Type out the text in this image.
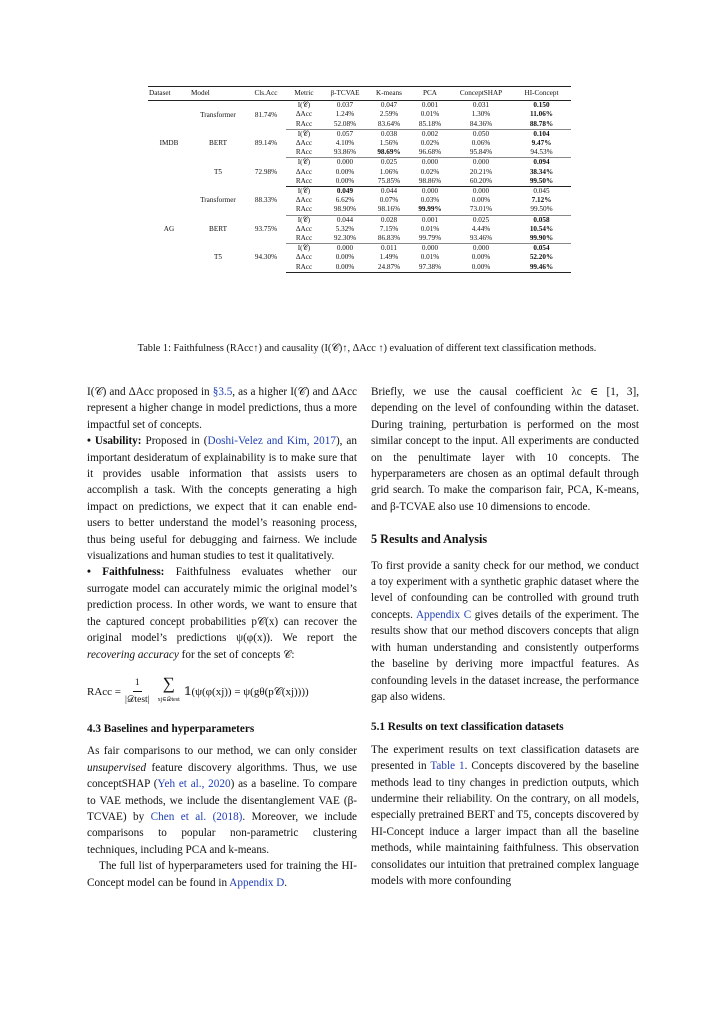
Dataset	Model	Cls.Acc	Metric	β-TCVAE	K-means	PCA	ConceptSHAP	HI-Concept
IMDB	Transformer	81.74%	I(𝒞)	0.037	0.047	0.001	0.031	0.150
			ΔAcc	1.24%	2.59%	0.01%	1.30%	11.06%
			RAcc	52.08%	83.64%	85.18%	84.36%	88.78%
	BERT	89.14%	I(𝒞)	0.057	0.038	0.002	0.050	0.104
			ΔAcc	4.10%	1.56%	0.02%	0.06%	9.47%
			RAcc	93.86%	98.69%	96.68%	95.84%	94.53%
	T5	72.98%	I(𝒞)	0.000	0.025	0.000	0.000	0.094
			ΔAcc	0.00%	1.06%	0.02%	20.21%	38.34%
			RAcc	0.00%	75.85%	98.86%	60.20%	99.50%
AG	Transformer	88.33%	I(𝒞)	0.049	0.044	0.000	0.000	0.045
			ΔAcc	6.62%	0.07%	0.03%	0.00%	7.12%
			RAcc	98.90%	98.16%	99.99%	73.01%	99.50%
	BERT	93.75%	I(𝒞)	0.044	0.028	0.001	0.025	0.058
			ΔAcc	5.32%	7.15%	0.01%	4.44%	10.54%
			RAcc	92.30%	86.83%	99.79%	93.46%	99.90%
	T5	94.30%	I(𝒞)	0.000	0.011	0.000	0.000	0.054
			ΔAcc	0.00%	1.49%	0.01%	0.00%	52.20%
			RAcc	0.00%	24.87%	97.38%	0.00%	99.46%
Table 1: Faithfulness (RAcc↑) and causality (I(𝒞)↑, ΔAcc ↑) evaluation of different text classification methods.

I(𝒞) and ΔAcc proposed in §3.5, as a higher I(𝒞) and ΔAcc represent a higher change in model predictions, thus a more impactful set of concepts.

• Usability: Proposed in (Doshi-Velez and Kim, 2017), an important desideratum of explainability is to make sure that it provides usable information that assists users to accomplish a task. With the concepts generating a high impact on predictions, we expect that it can enable end-users to better understand the model’s reasoning process, thus being useful for debugging and fairness. We include visualizations and human studies to test it qualitatively.

• Faithfulness: Faithfulness evaluates whether our surrogate model can accurately mimic the original model’s prediction process. In other words, we want to ensure that the captured concept probabilities p𝒞(x) can recover the original model’s predictions ψ(φ(x)). We report the recovering accuracy for the set of concepts 𝒞:

RAcc = $\frac{1}{\text{|𝒟test|}}$ ∑
xj∈𝒟test
𝟙(ψ(φ(xj)) = ψ(gθ(p𝒞(xj))))

4.3 Baselines and hyperparameters

As fair comparisons to our method, we can only consider unsupervised feature discovery algorithms. Thus, we use conceptSHAP (Yeh et al., 2020) as a baseline. To compare to VAE methods, we include the disentanglement VAE (β-TCVAE) by Chen et al. (2018). Moreover, we include comparisons to popular non-parametric clustering techniques, including PCA and k-means.

The full list of hyperparameters used for training the HI-Concept model can be found in Appendix D.

Briefly, we use the causal coefficient λc ∈ [1, 3], depending on the level of confounding within the dataset. During training, perturbation is performed on the most similar concept to the input. All experiments are conducted on the penultimate layer with 10 concepts. The hyperparameters are chosen as an optimal default through grid search. To make the comparison fair, PCA, K-means, and β-TCVAE also use 10 dimensions to encode.

5 Results and Analysis

To first provide a sanity check for our method, we conduct a toy experiment with a synthetic graphic dataset where the level of confounding can be controlled with ground truth concepts. Appendix C gives details of the experiment. The results show that our method discovers concepts that align with human understanding and consistently outperforms the baseline by deriving more impactful features. As confounding levels in the dataset increase, the performance gap also widens.

5.1 Results on text classification datasets

The experiment results on text classification datasets are presented in Table 1. Concepts discovered by the baseline methods lead to tiny changes in prediction outputs, which undermine their reliability. On the contrary, on all models, especially pretrained BERT and T5, concepts discovered by HI-Concept induce a larger impact than all the baseline methods, while maintaining faithfulness. This observation consolidates our intuition that pretrained complex language models with more confounding
